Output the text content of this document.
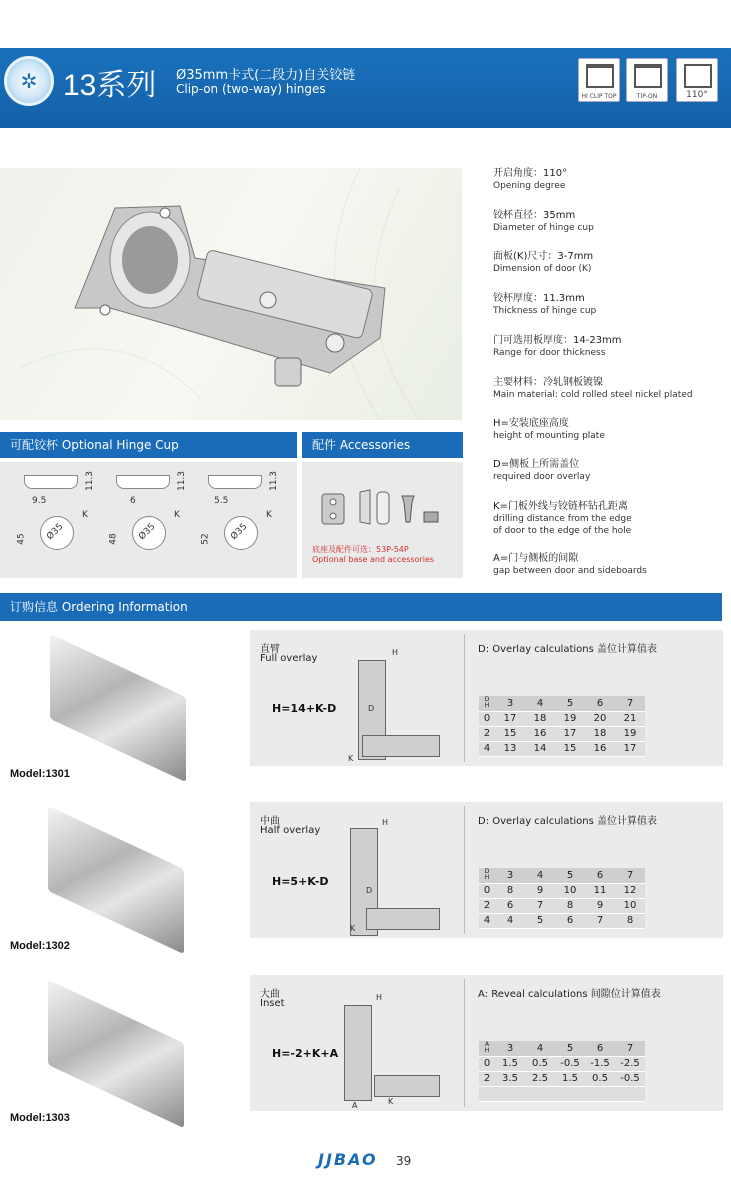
✲ 13系列 Ø35mm卡式(二段力)自关铰链
Clip-on (two-way) hinges
HI CLIP TOP	TIP-ON	110°
开启角度：110°
Opening degree
铰杯直径：35mm
Diameter of hinge cup
面板(K)尺寸：3-7mm
Dimension of door (K)
铰杯厚度：11.3mm
Thickness of hinge cup
门可选用板厚度：14-23mm
Range for door thickness
主要材料：冷轧钢板镀镍
Main material: cold rolled steel nickel plated
H=安装底座高度
height of mounting plate
D=侧板上所需盖位
required door overlay
K=门板外线与铰链杯钻孔距离
drilling distance from the edge
of door to the edge of the hole
A=门与侧板的间隙
gap between door and sideboards
可配铰杯 Optional Hinge Cup
9.5
11.3
Ø35
K
45
6
11.3
Ø35
K
48
5.5
11.3
Ø35
K
52
配件 Accessories
底座及配件可选：53P-54P
Optional base and accessories
订购信息 Ordering Information
Model:1301
直臂
Full overlay
H=14+K-D
H
D
K
D: Overlay calculations 盖位计算值表
D
H	3	4	5	6	7
0	17	18	19	20	21
2	15	16	17	18	19
4	13	14	15	16	17
Model:1302
中曲
Half overlay
H=5+K-D
H
D
K
D: Overlay calculations 盖位计算值表
D
H	3	4	5	6	7
0	8	9	10	11	12
2	6	7	8	9	10
4	4	5	6	7	8
Model:1303
大曲
Inset
H=-2+K+A
H
A	K
A: Reveal calculations 间隙位计算值表
A
H	3	4	5	6	7
0	1.5	0.5	-0.5	-1.5	-2.5
2	3.5	2.5	1.5	0.5	-0.5

JJBAO 39
